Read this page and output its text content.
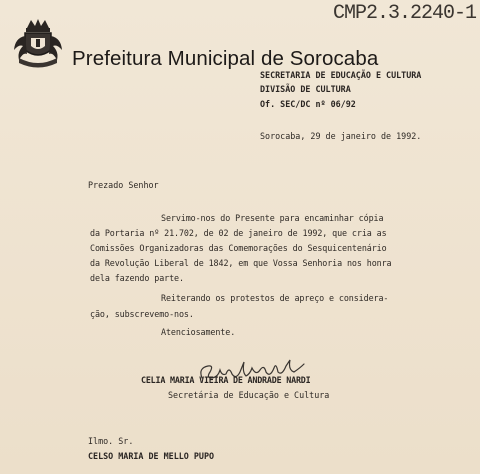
CMP2.3.2240-1
Prefeitura Municipal de Sorocaba
SECRETARIA DE EDUCAÇÃO E CULTURA
DIVISÃO DE CULTURA
Of. SEC/DC nº 06/92
Sorocaba, 29 de janeiro de 1992.
Prezado Senhor
Servimo-nos do Presente para encaminhar cópia
da Portaria nº 21.702, de 02 de janeiro de 1992, que cria as
Comissões Organizadoras das Comemorações do Sesquicentenário
da Revolução Liberal de 1842, em que Vossa Senhoria nos honra
dela fazendo parte.
Reiterando os protestos de apreço e considera-
ção, subscrevemo-nos.
Atenciosamente.
CELIA MARIA VIEIRA DE ANDRADE NARDI
Secretária de Educação e Cultura
Ilmo. Sr.
CELSO MARIA DE MELLO PUPO
